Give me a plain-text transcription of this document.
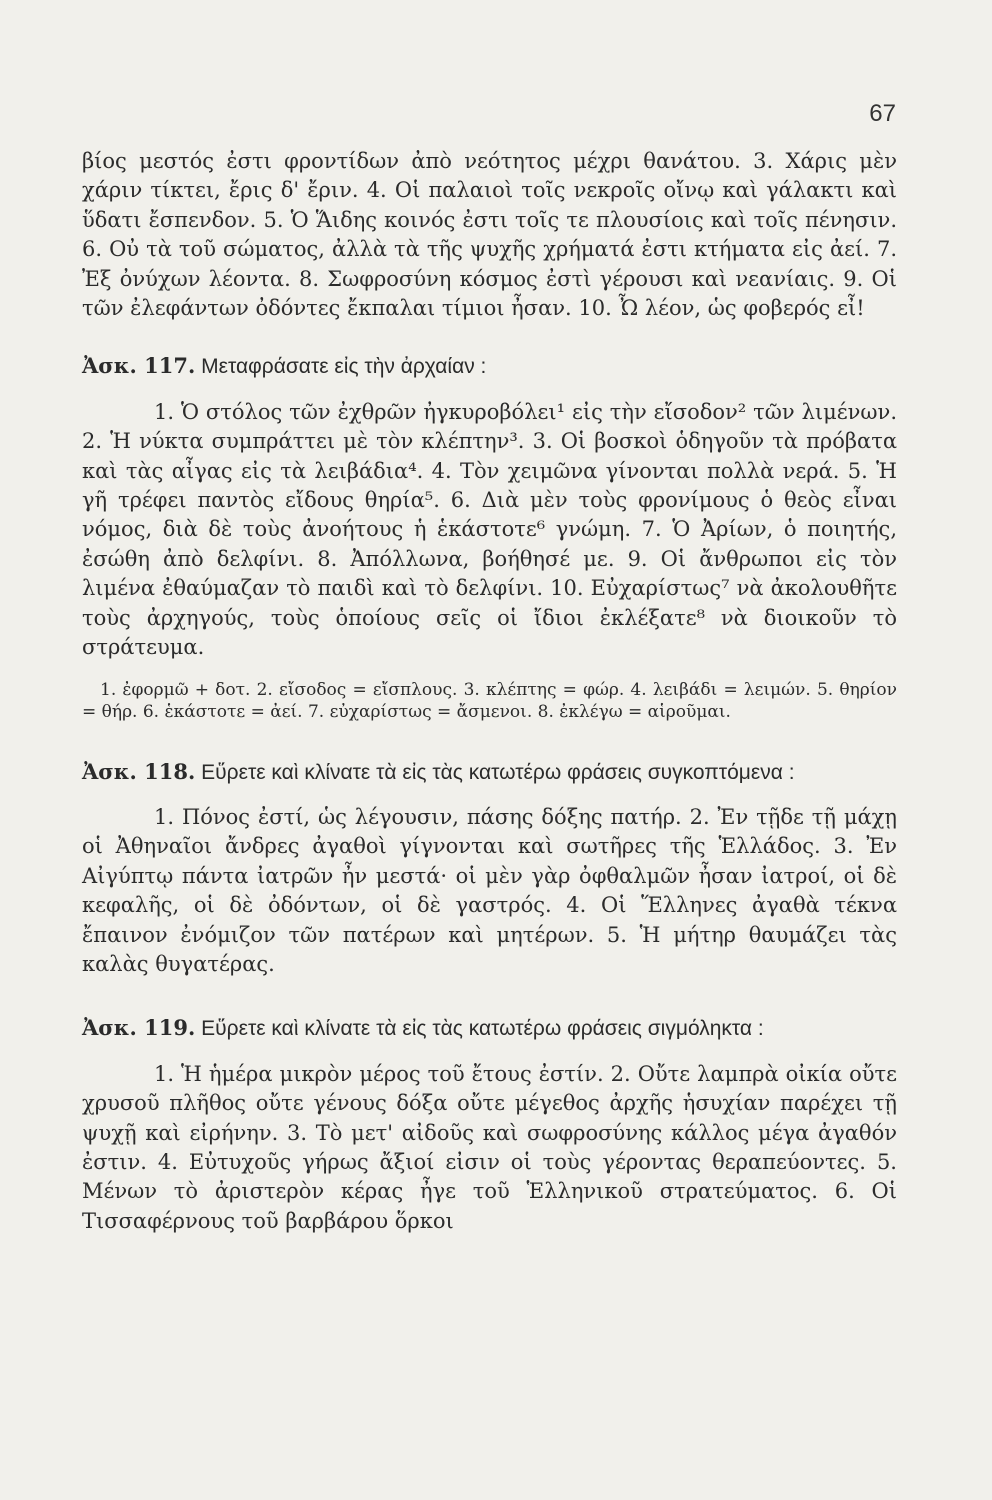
67

βίος μεστός ἐστι φροντίδων ἀπὸ νεότητος μέχρι θανάτου. 3. Χάρις μὲν χάριν τίκτει, ἔρις δ' ἔριν. 4. Οἱ παλαιοὶ τοῖς νεκροῖς οἴνῳ καὶ γάλακτι καὶ ὕδατι ἔσπενδον. 5. Ὁ Ἅιδης κοινός ἐστι τοῖς τε πλουσίοις καὶ τοῖς πένησιν. 6. Οὐ τὰ τοῦ σώματος, ἀλλὰ τὰ τῆς ψυχῆς χρήματά ἐστι κτήματα εἰς ἀεί. 7. Ἐξ ὀνύχων λέοντα. 8. Σωφροσύνη κόσμος ἐστὶ γέρουσι καὶ νεανίαις. 9. Οἱ τῶν ἐλεφάντων ὀδόντες ἔκπαλαι τίμιοι ἦσαν. 10. Ὦ λέον, ὡς φοβερός εἶ!

Ἀσκ. 117. Μεταφράσατε εἰς τὴν ἀρχαίαν :

1. Ὁ στόλος τῶν ἐχθρῶν ἠγκυροβόλει¹ εἰς τὴν εἴσοδον² τῶν λιμένων. 2. Ἡ νύκτα συμπράττει μὲ τὸν κλέπτην³. 3. Οἱ βοσκοὶ ὁδηγοῦν τὰ πρόβατα καὶ τὰς αἶγας εἰς τὰ λειβάδια⁴. 4. Τὸν χειμῶνα γίνονται πολλὰ νερά. 5. Ἡ γῆ τρέφει παντὸς εἴδους θηρία⁵. 6. Διὰ μὲν τοὺς φρονίμους ὁ θεὸς εἶναι νόμος, διὰ δὲ τοὺς ἀνοήτους ἡ ἑκάστοτε⁶ γνώμη. 7. Ὁ Ἀρίων, ὁ ποιητής, ἐσώθη ἀπὸ δελφίνι. 8. Ἀπόλλωνα, βοήθησέ με. 9. Οἱ ἄνθρωποι εἰς τὸν λιμένα ἐθαύμαζαν τὸ παιδὶ καὶ τὸ δελφίνι. 10. Εὐχαρίστως⁷ νὰ ἀκολουθῆτε τοὺς ἀρχηγούς, τοὺς ὁποίους σεῖς οἱ ἴδιοι ἐκλέξατε⁸ νὰ διοικοῦν τὸ στράτευμα.

1. ἐφορμῶ + δοτ. 2. εἴσοδος = εἴσπλους. 3. κλέπτης = φώρ. 4. λειβάδι = λειμών. 5. θηρίον = θήρ. 6. ἑκάστοτε = ἀεί. 7. εὐχαρίστως = ἄσμενοι. 8. ἐκλέγω = αἱροῦμαι.

Ἀσκ. 118. Εὕρετε καὶ κλίνατε τὰ εἰς τὰς κατωτέρω φράσεις συγκοπτόμενα :

1. Πόνος ἐστί, ὡς λέγουσιν, πάσης δόξης πατήρ. 2. Ἐν τῇδε τῇ μάχῃ οἱ Ἀθηναῖοι ἄνδρες ἀγαθοὶ γίγνονται καὶ σωτῆρες τῆς Ἑλλάδος. 3. Ἐν Αἰγύπτῳ πάντα ἰατρῶν ἦν μεστά· οἱ μὲν γὰρ ὀφθαλμῶν ἦσαν ἰατροί, οἱ δὲ κεφαλῆς, οἱ δὲ ὀδόντων, οἱ δὲ γαστρός. 4. Οἱ Ἕλληνες ἀγαθὰ τέκνα ἔπαινον ἐνόμιζον τῶν πατέρων καὶ μητέρων. 5. Ἡ μήτηρ θαυμάζει τὰς καλὰς θυγατέρας.

Ἀσκ. 119. Εὕρετε καὶ κλίνατε τὰ εἰς τὰς κατωτέρω φράσεις σιγμόληκτα :

1. Ἡ ἡμέρα μικρὸν μέρος τοῦ ἔτους ἐστίν. 2. Οὔτε λαμπρὰ οἰκία οὔτε χρυσοῦ πλῆθος οὔτε γένους δόξα οὔτε μέγεθος ἀρχῆς ἡσυχίαν παρέχει τῇ ψυχῇ καὶ εἰρήνην. 3. Τὸ μετ' αἰδοῦς καὶ σωφροσύνης κάλλος μέγα ἀγαθόν ἐστιν. 4. Εὐτυχοῦς γήρως ἄξιοί εἰσιν οἱ τοὺς γέροντας θεραπεύοντες. 5. Μένων τὸ ἀριστερὸν κέρας ἦγε τοῦ Ἑλληνικοῦ στρατεύματος. 6. Οἱ Τισσαφέρνους τοῦ βαρβάρου ὅρκοι
